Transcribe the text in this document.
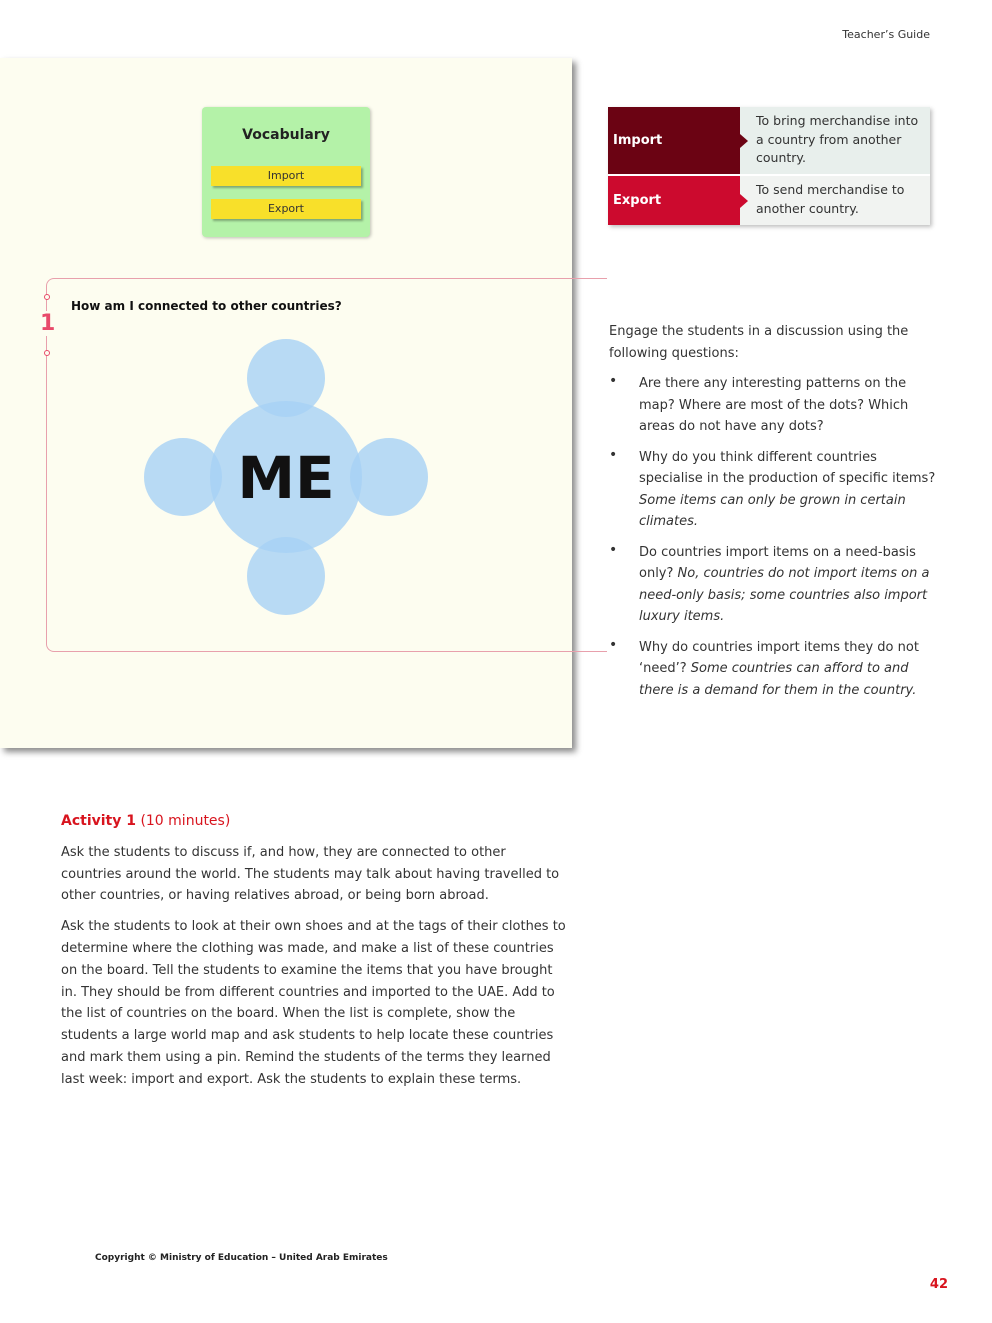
Teacher’s Guide
Vocabulary
Import
Export
1
How am I connected to other countries?
ME
Import
To bring merchandise into a country from another country.
Export
To send merchandise to another country.

Engage the students in a discussion using the following questions:

• Are there any interesting patterns on the map? Where are most of the dots? Which areas do not have any dots?
• Why do you think different countries specialise in the production of specific items? Some items can only be grown in certain climates.
• Do countries import items on a need-basis only? No, countries do not import items on a need-only basis; some countries also import luxury items.
• Why do countries import items they do not ‘need’? Some countries can afford to and there is a demand for them in the country.
Activity 1 (10 minutes)

Ask the students to discuss if, and how, they are connected to other countries around the world. The students may talk about having travelled to other countries, or having relatives abroad, or being born abroad.

Ask the students to look at their own shoes and at the tags of their clothes to determine where the clothing was made, and make a list of these countries on the board. Tell the students to examine the items that you have brought in. They should be from different countries and imported to the UAE. Add to the list of countries on the board. When the list is complete, show the students a large world map and ask students to help locate these countries and mark them using a pin. Remind the students of the terms they learned last week: import and export. Ask the students to explain these terms.

Copyright © Ministry of Education – United Arab Emirates
42
